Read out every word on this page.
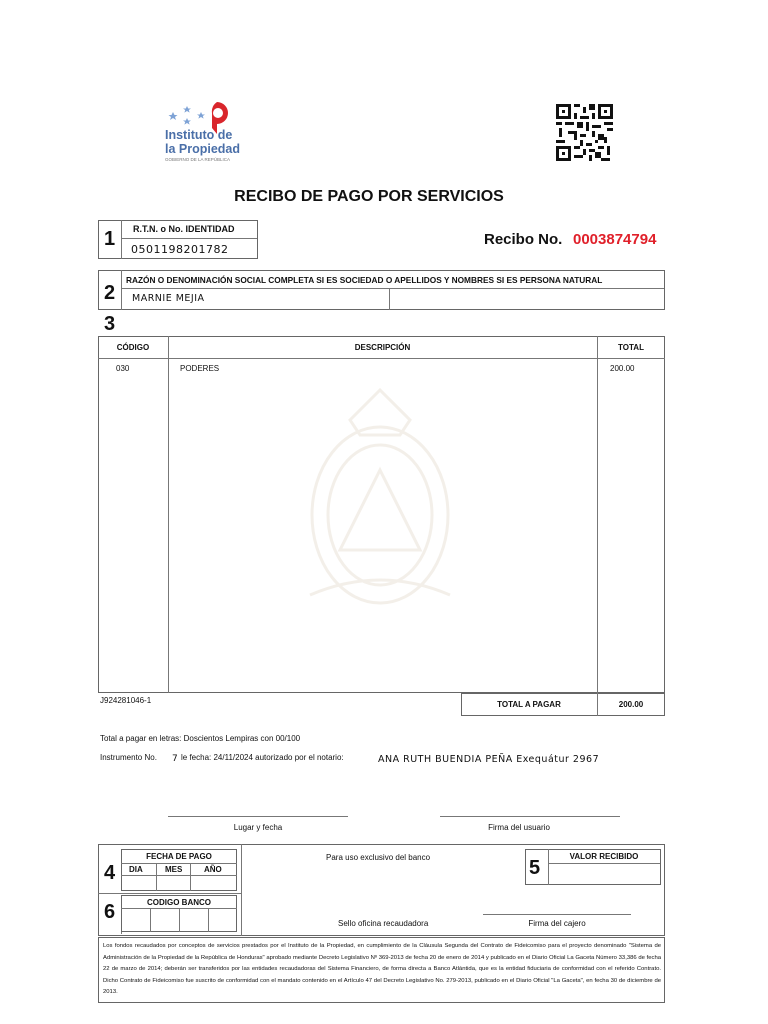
Instituto de
la Propiedad
GOBIERNO DE LA REPÚBLICA
RECIBO DE PAGO POR SERVICIOS
1 R.T.N. o No. IDENTIDAD
0501198201782
Recibo No. 0003874794
2
RAZÓN O DENOMINACIÓN SOCIAL COMPLETA SI ES SOCIEDAD O APELLIDOS Y NOMBRES SI ES PERSONA NATURAL
MARNIE MEJIA
3
CÓDIGO	DESCRIPCIÓN	TOTAL
030	PODERES	200.00
J924281046-1	TOTAL A PAGAR	200.00
Total a pagar en letras: Doscientos Lempiras con 00/100
Instrumento No. 7 le fecha: 24/11/2024 autorizado por el notario:	ANA RUTH BUENDIA PEÑA Exequátur 2967
Lugar y fecha	Firma del usuario
4
FECHA DE PAGO
DIA	MES	AÑO
6	CODIGO BANCO
Para uso exclusivo del banco	5
VALOR RECIBIDO
Sello oficina recaudadora	Firma del cajero
Los fondos recaudados por conceptos de servicios prestados por el Instituto de la Propiedad, en cumplimiento de la Cláusula Segunda del Contrato de Fideicomiso para el proyecto denominado "Sistema de Administración de la Propiedad de la República de Honduras" aprobado mediante Decreto Legislativo Nº 369-2013 de fecha 20 de enero de 2014 y publicado en el Diario Oficial La Gaceta Número 33,386 de fecha 22 de marzo de 2014; deberán ser transferidos por las entidades recaudadoras del Sistema Financiero, de forma directa a Banco Atlántida, que es la entidad fiduciaria de conformidad con el referido Contrato. Dicho Contrato de Fideicomiso fue suscrito de conformidad con el mandato contenido en el Artículo 47 del Decreto Legislativo No. 279-2013, publicado en el Diario Oficial "La Gaceta", en fecha 30 de diciembre de 2013.
